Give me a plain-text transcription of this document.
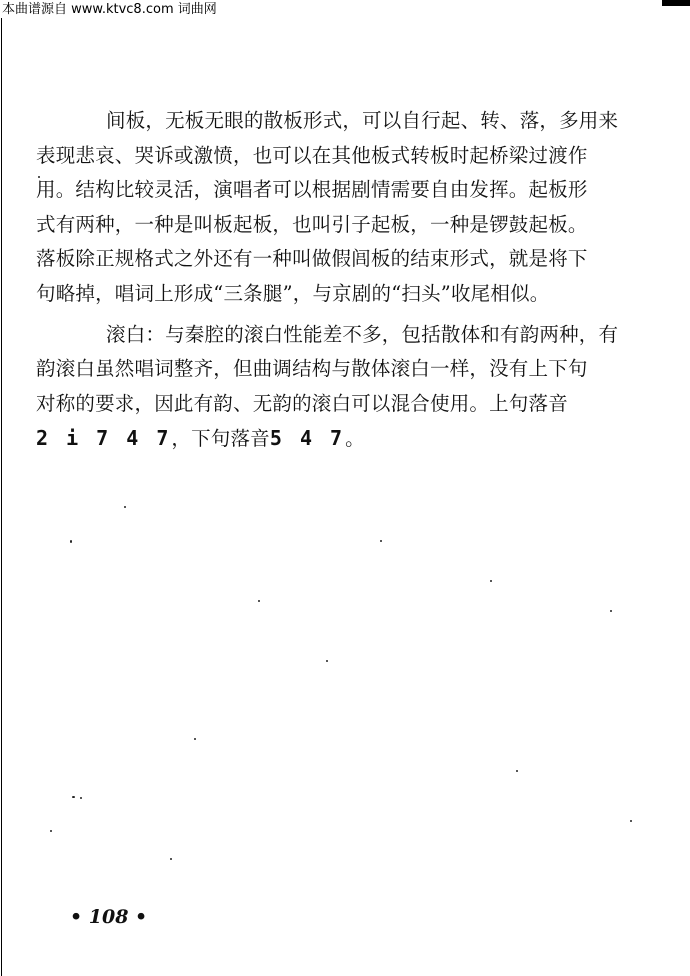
本曲谱源自 www.ktvc8.com 词曲网

间板，无板无眼的散板形式，可以自行起、转、落，多用来
表现悲哀、哭诉或激愤，也可以在其他板式转板时起桥梁过渡作
用。结构比较灵活，演唱者可以根据剧情需要自由发挥。起板形
式有两种，一种是叫板起板，也叫引子起板，一种是锣鼓起板。
落板除正规格式之外还有一种叫做假闾板的结束形式，就是将下
句略掉，唱词上形成“三条腿”，与京剧的“扫头”收尾相似。

滚白：与秦腔的滚白性能差不多，包括散体和有韵两种，有
韵滚白虽然唱词整齐，但曲调结构与散体滚白一样，没有上下句
对称的要求，因此有韵、无韵的滚白可以混合使用。上句落音
2 i 7 4 7，下句落音5 4 7。

• 108 •
